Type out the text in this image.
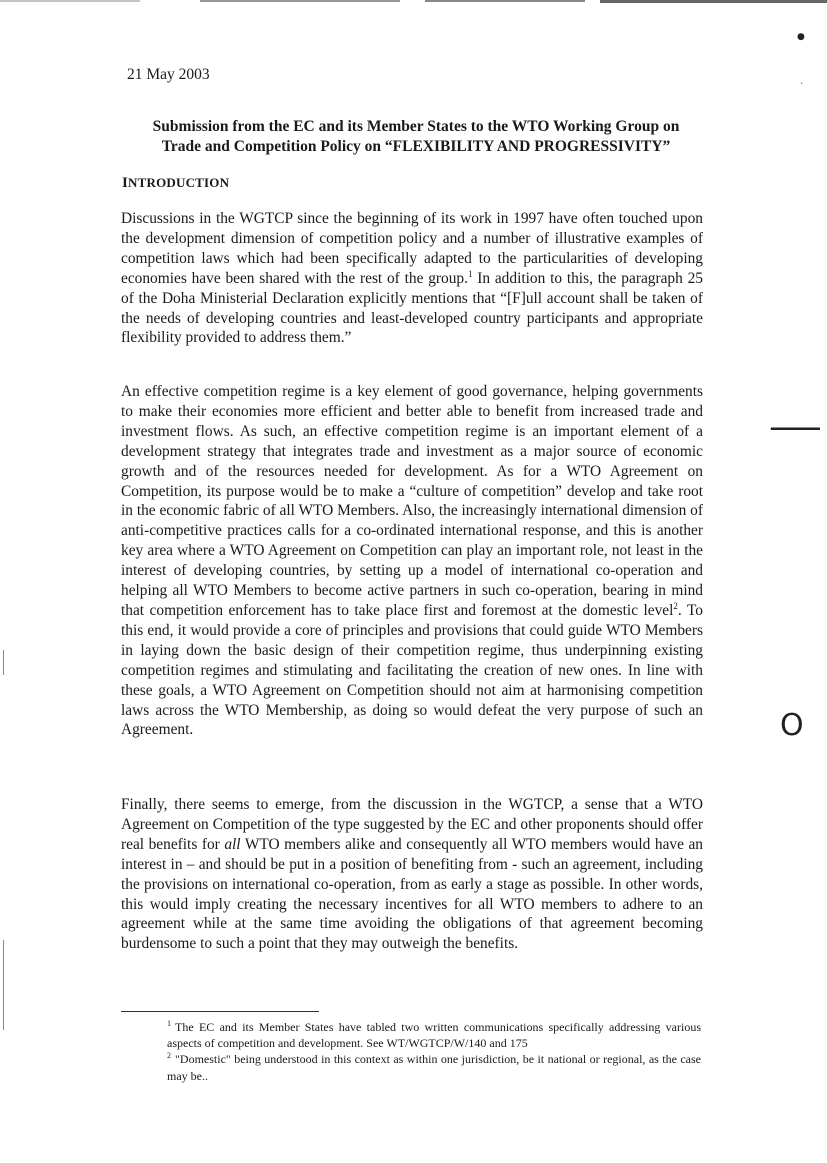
●
`
⸺
O
21 May 2003
Submission from the EC and its Member States to the WTO Working Group on
Trade and Competition Policy on “FLEXIBILITY AND PROGRESSIVITY”
INTRODUCTION

Discussions in the WGTCP since the beginning of its work in 1997 have often touched upon the development dimension of competition policy and a number of illustrative examples of competition laws which had been specifically adapted to the particularities of developing economies have been shared with the rest of the group.$^1$ In addition to this, the paragraph 25 of the Doha Ministerial Declaration explicitly mentions that “[F]ull account shall be taken of the needs of developing countries and least-developed country participants and appropriate flexibility provided to address them.”

An effective competition regime is a key element of good governance, helping governments to make their economies more efficient and better able to benefit from increased trade and investment flows. As such, an effective competition regime is an important element of a development strategy that integrates trade and investment as a major source of economic growth and of the resources needed for development. As for a WTO Agreement on Competition, its purpose would be to make a “culture of competition” develop and take root in the economic fabric of all WTO Members. Also, the increasingly international dimension of anti-competitive practices calls for a co-ordinated international response, and this is another key area where a WTO Agreement on Competition can play an important role, not least in the interest of developing countries, by setting up a model of international co-operation and helping all WTO Members to become active partners in such co-operation, bearing in mind that competition enforcement has to take place first and foremost at the domestic level$^2$. To this end, it would provide a core of principles and provisions that could guide WTO Members in laying down the basic design of their competition regime, thus underpinning existing competition regimes and stimulating and facilitating the creation of new ones. In line with these goals, a WTO Agreement on Competition should not aim at harmonising competition laws across the WTO Membership, as doing so would defeat the very purpose of such an Agreement.

Finally, there seems to emerge, from the discussion in the WGTCP, a sense that a WTO Agreement on Competition of the type suggested by the EC and other proponents should offer real benefits for all WTO members alike and consequently all WTO members would have an interest in – and should be put in a position of benefiting from - such an agreement, including the provisions on international co-operation, from as early a stage as possible. In other words, this would imply creating the necessary incentives for all WTO members to adhere to an agreement while at the same time avoiding the obligations of that agreement becoming burdensome to such a point that they may outweigh the benefits.

$^1$ The EC and its Member States have tabled two written communications specifically addressing various aspects of competition and development. See WT/WGTCP/W/140 and 175

$^2$ "Domestic" being understood in this context as within one jurisdiction, be it national or regional, as the case may be..
